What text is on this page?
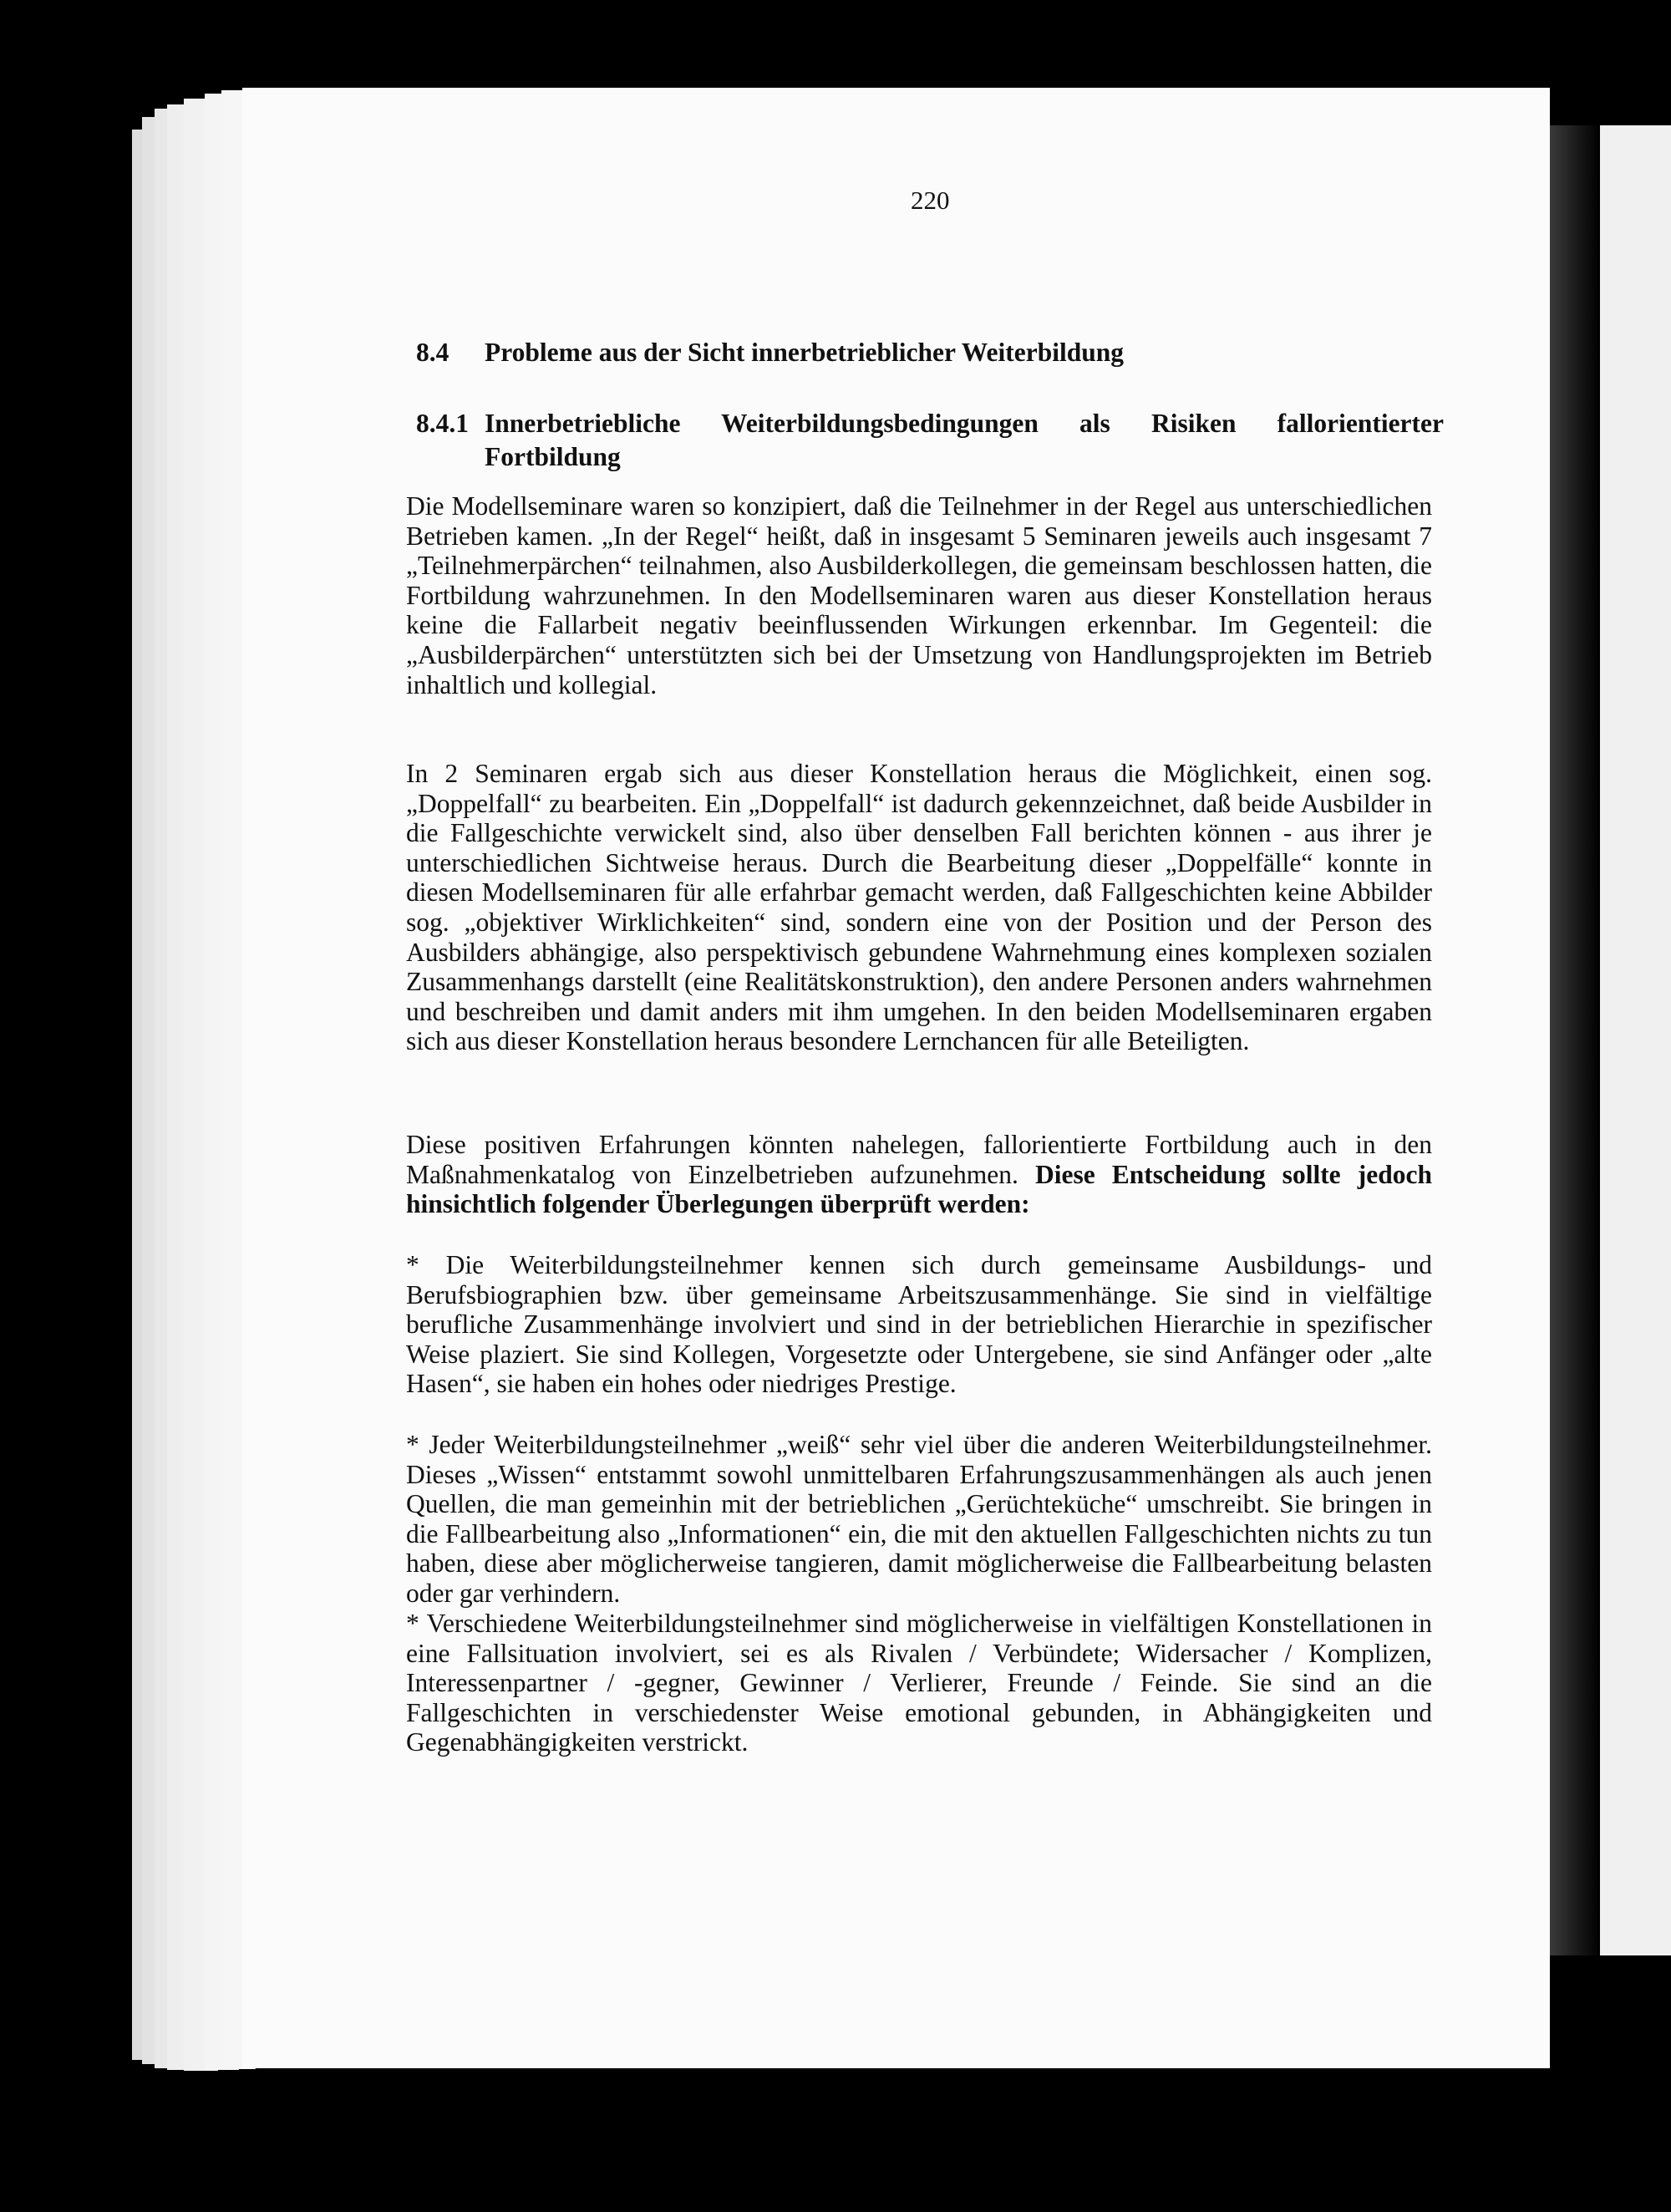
220
8.4 Probleme aus der Sicht innerbetrieblicher Weiterbildung
8.4.1 Innerbetriebliche Weiterbildungsbedingungen als Risiken fallorientierter Fortbildung

Die Modellseminare waren so konzipiert, daß die Teilnehmer in der Regel aus unterschiedlichen Betrieben kamen. „In der Regel“ heißt, daß in insgesamt 5 Seminaren jeweils auch insgesamt 7 „Teilnehmerpärchen“ teilnahmen, also Ausbilderkollegen, die gemeinsam beschlossen hatten, die Fortbildung wahrzunehmen. In den Modellseminaren waren aus dieser Konstellation heraus keine die Fallarbeit negativ beeinflussenden Wirkungen erkennbar. Im Gegenteil: die „Ausbilderpärchen“ unterstützten sich bei der Umsetzung von Handlungsprojekten im Betrieb inhaltlich und kollegial.

In 2 Seminaren ergab sich aus dieser Konstellation heraus die Möglichkeit, einen sog. „Doppelfall“ zu bearbeiten. Ein „Doppelfall“ ist dadurch gekennzeichnet, daß beide Ausbilder in die Fallgeschichte verwickelt sind, also über denselben Fall berichten können - aus ihrer je unterschiedlichen Sichtweise heraus. Durch die Bearbeitung dieser „Doppelfälle“ konnte in diesen Modellseminaren für alle erfahrbar gemacht werden, daß Fallgeschichten keine Abbilder sog. „objektiver Wirklichkeiten“ sind, sondern eine von der Position und der Person des Ausbilders abhängige, also perspektivisch gebundene Wahrnehmung eines komplexen sozialen Zusammenhangs darstellt (eine Realitätskonstruktion), den andere Personen anders wahrnehmen und beschreiben und damit anders mit ihm umgehen. In den beiden Modellseminaren ergaben sich aus dieser Konstellation heraus besondere Lernchancen für alle Beteiligten.

Diese positiven Erfahrungen könnten nahelegen, fallorientierte Fortbildung auch in den Maßnahmenkatalog von Einzelbetrieben aufzunehmen. Diese Entscheidung sollte jedoch hinsichtlich folgender Überlegungen überprüft werden:

* Die Weiterbildungsteilnehmer kennen sich durch gemeinsame Ausbildungs- und Berufsbiographien bzw. über gemeinsame Arbeitszusammenhänge. Sie sind in vielfältige berufliche Zusammenhänge involviert und sind in der betrieblichen Hierarchie in spezifischer Weise plaziert. Sie sind Kollegen, Vorgesetzte oder Untergebene, sie sind Anfänger oder „alte Hasen“, sie haben ein hohes oder niedriges Prestige.

* Jeder Weiterbildungsteilnehmer „weiß“ sehr viel über die anderen Weiterbildungsteilnehmer. Dieses „Wissen“ entstammt sowohl unmittelbaren Erfahrungszusammenhängen als auch jenen Quellen, die man gemeinhin mit der betrieblichen „Gerüchteküche“ umschreibt. Sie bringen in die Fallbearbeitung also „Informationen“ ein, die mit den aktuellen Fallgeschichten nichts zu tun haben, diese aber möglicherweise tangieren, damit möglicherweise die Fallbearbeitung belasten oder gar verhindern.

* Verschiedene Weiterbildungsteilnehmer sind möglicherweise in vielfältigen Konstellationen in eine Fallsituation involviert, sei es als Rivalen / Verbündete; Widersacher / Komplizen, Interessenpartner / -gegner, Gewinner / Verlierer, Freunde / Feinde. Sie sind an die Fallgeschichten in verschiedenster Weise emotional gebunden, in Abhängigkeiten und Gegenabhängigkeiten verstrickt.
